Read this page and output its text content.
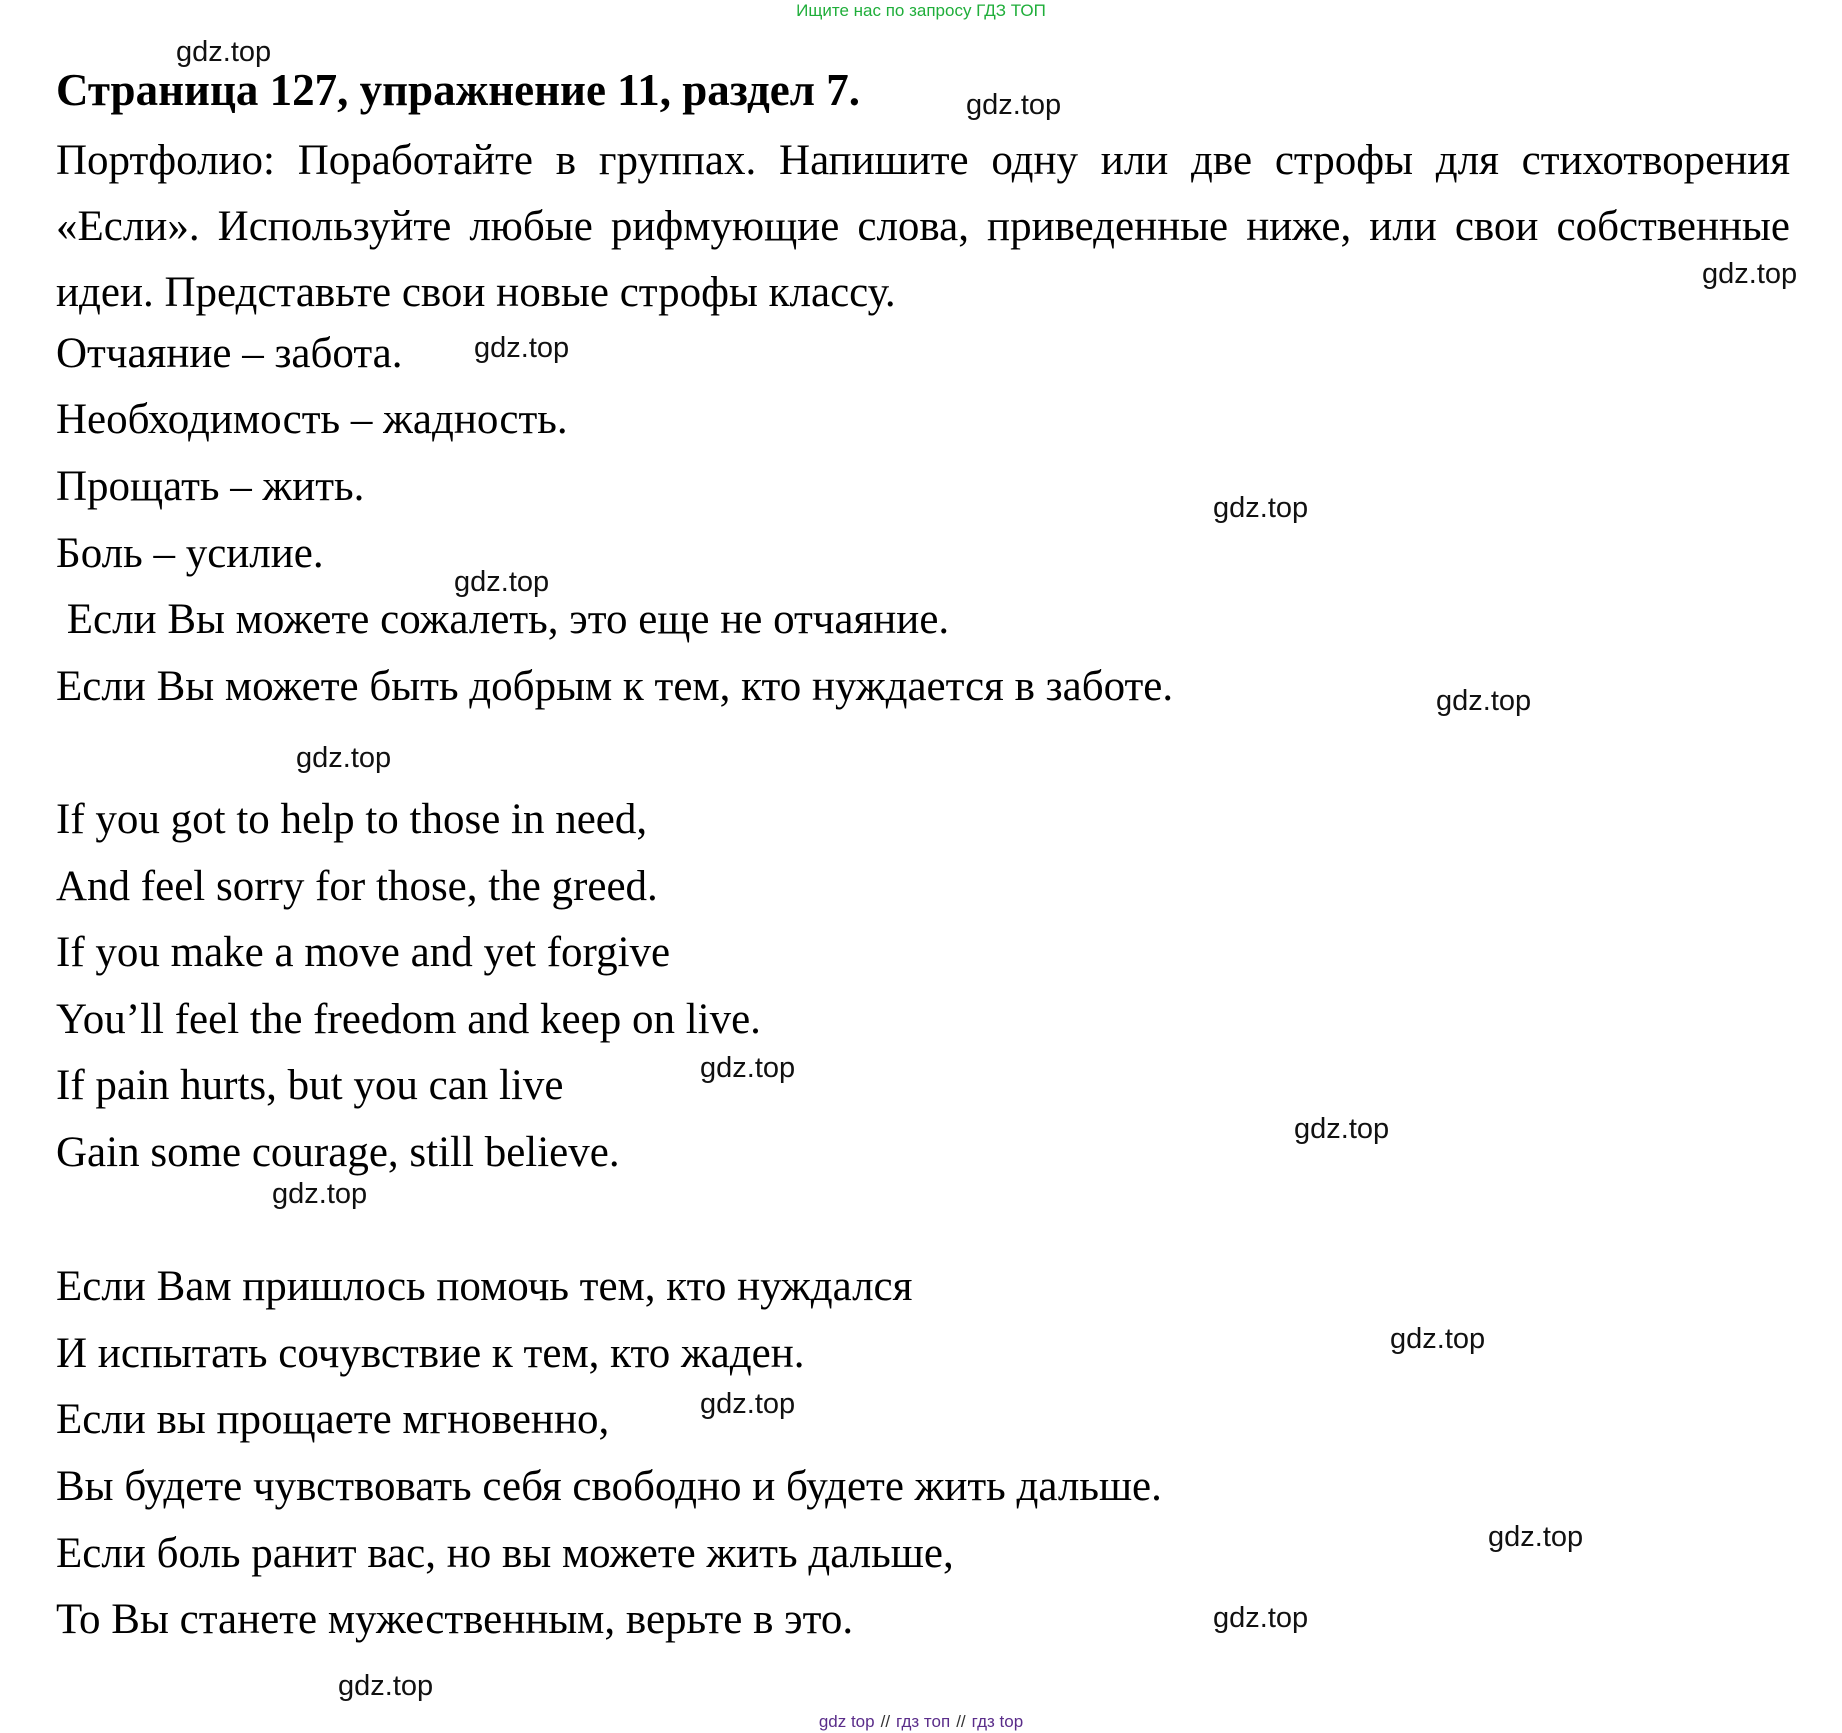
Ищите нас по запросу ГДЗ ТОП
gdz.top
gdz.top
gdz.top
gdz.top
gdz.top
gdz.top
gdz.top
gdz.top
gdz.top
gdz.top
gdz.top
gdz.top
gdz.top
gdz.top
gdz.top
gdz.top
Страница 127, упражнение 11, раздел 7.
Портфолио: Поработайте в группах. Напишите одну или две строфы для стихотворения «Если». Используйте любые рифмующие слова, приведенные ниже, или свои собственные идеи. Представьте свои новые строфы классу.
Отчаяние – забота.
Необходимость – жадность.
Прощать – жить.
Боль – усилие.
Если Вы можете сожалеть, это еще не отчаяние.
Если Вы можете быть добрым к тем, кто нуждается в заботе.
If you got to help to those in need,
And feel sorry for those, the greed.
If you make a move and yet forgive
You’ll feel the freedom and keep on live.
If pain hurts, but you can live
Gain some courage, still believe.
Если Вам пришлось помочь тем, кто нуждался
И испытать сочувствие к тем, кто жаден.
Если вы прощаете мгновенно,
Вы будете чувствовать себя свободно и будете жить дальше.
Если боль ранит вас, но вы можете жить дальше,
То Вы станете мужественным, верьте в это.
gdz top // гдз топ // гдз top
